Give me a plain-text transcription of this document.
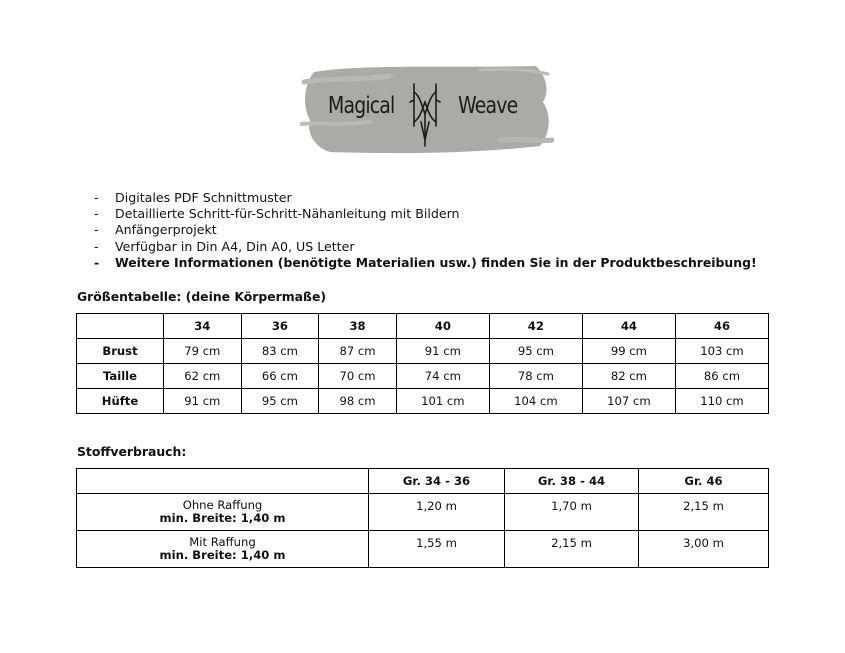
Magical	Weave
-	Digitales PDF Schnittmuster
-	Detaillierte Schritt-für-Schritt-Nähanleitung mit Bildern
-	Anfängerprojekt
-	Verfügbar in Din A4, Din A0, US Letter
-	Weitere Informationen (benötigte Materialien usw.) finden Sie in der Produktbeschreibung!
Größentabelle: (deine Körpermaße)
	34	36	38	40	42	44	46
Brust	79 cm	83 cm	87 cm	91 cm	95 cm	99 cm	103 cm
Taille	62 cm	66 cm	70 cm	74 cm	78 cm	82 cm	86 cm
Hüfte	91 cm	95 cm	98 cm	101 cm	104 cm	107 cm	110 cm
Stoffverbrauch:
	Gr. 34 - 36	Gr. 38 - 44	Gr. 46
Ohne Raffung
min. Breite: 1,40 m	1,20 m	1,70 m	2,15 m
Mit Raffung
min. Breite: 1,40 m	1,55 m	2,15 m	3,00 m
